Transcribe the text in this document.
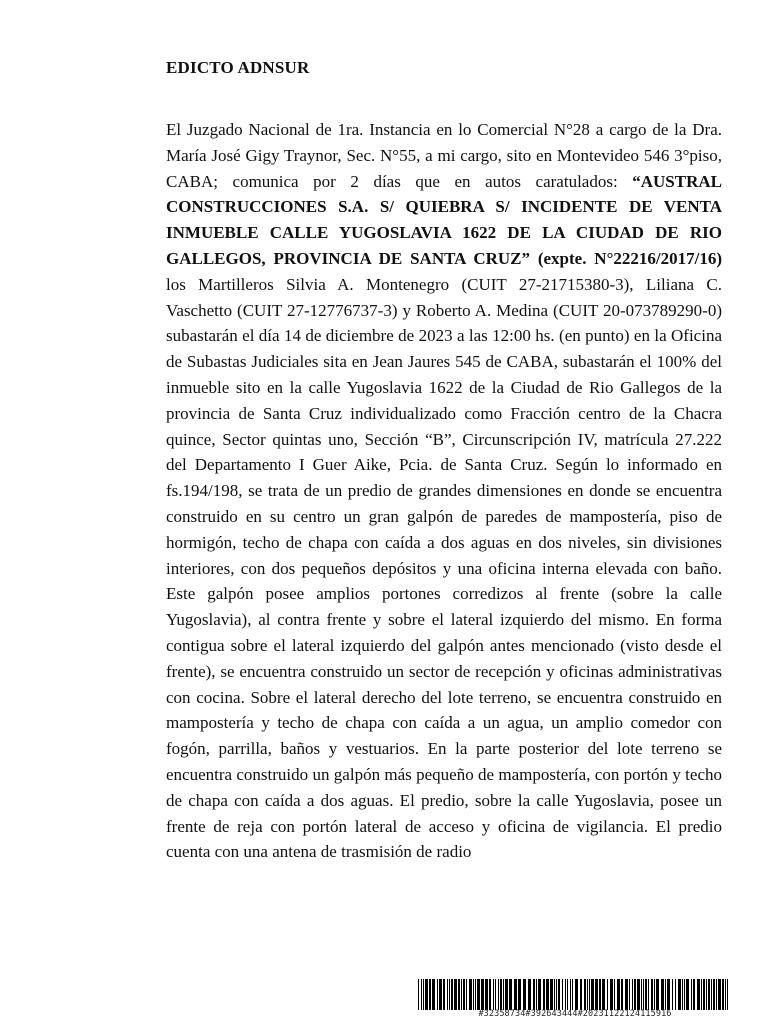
EDICTO ADNSUR

El Juzgado Nacional de 1ra. Instancia en lo Comercial N°28 a cargo de la Dra. María José Gigy Traynor, Sec. N°55, a mi cargo, sito en Montevideo 546 3°piso, CABA; comunica por 2 días que en autos caratulados: “AUSTRAL CONSTRUCCIONES S.A. S/ QUIEBRA S/ INCIDENTE DE VENTA INMUEBLE CALLE YUGOSLAVIA 1622 DE LA CIUDAD DE RIO GALLEGOS, PROVINCIA DE SANTA CRUZ” (expte. N°22216/2017/16) los Martilleros Silvia A. Montenegro (CUIT 27-21715380-3), Liliana C. Vaschetto (CUIT 27-12776737-3) y Roberto A. Medina (CUIT 20-073789290-0) subastarán el día 14 de diciembre de 2023 a las 12:00 hs. (en punto) en la Oficina de Subastas Judiciales sita en Jean Jaures 545 de CABA, subastarán el 100% del inmueble sito en la calle Yugoslavia 1622 de la Ciudad de Rio Gallegos de la provincia de Santa Cruz individualizado como Fracción centro de la Chacra quince, Sector quintas uno, Sección “B”, Circunscripción IV, matrícula 27.222 del Departamento I Guer Aike, Pcia. de Santa Cruz. Según lo informado en fs.194/198, se trata de un predio de grandes dimensiones en donde se encuentra construido en su centro un gran galpón de paredes de mampostería, piso de hormigón, techo de chapa con caída a dos aguas en dos niveles, sin divisiones interiores, con dos pequeños depósitos y una oficina interna elevada con baño. Este galpón posee amplios portones corredizos al frente (sobre la calle Yugoslavia), al contra frente y sobre el lateral izquierdo del mismo. En forma contigua sobre el lateral izquierdo del galpón antes mencionado (visto desde el frente), se encuentra construido un sector de recepción y oficinas administrativas con cocina. Sobre el lateral derecho del lote terreno, se encuentra construido en mampostería y techo de chapa con caída a un agua, un amplio comedor con fogón, parrilla, baños y vestuarios. En la parte posterior del lote terreno se encuentra construido un galpón más pequeño de mampostería, con portón y techo de chapa con caída a dos aguas. El predio, sobre la calle Yugoslavia, posee un frente de reja con portón lateral de acceso y oficina de vigilancia. El predio cuenta con una antena de trasmisión de radio

#32358734#392643444#20231122124115916
